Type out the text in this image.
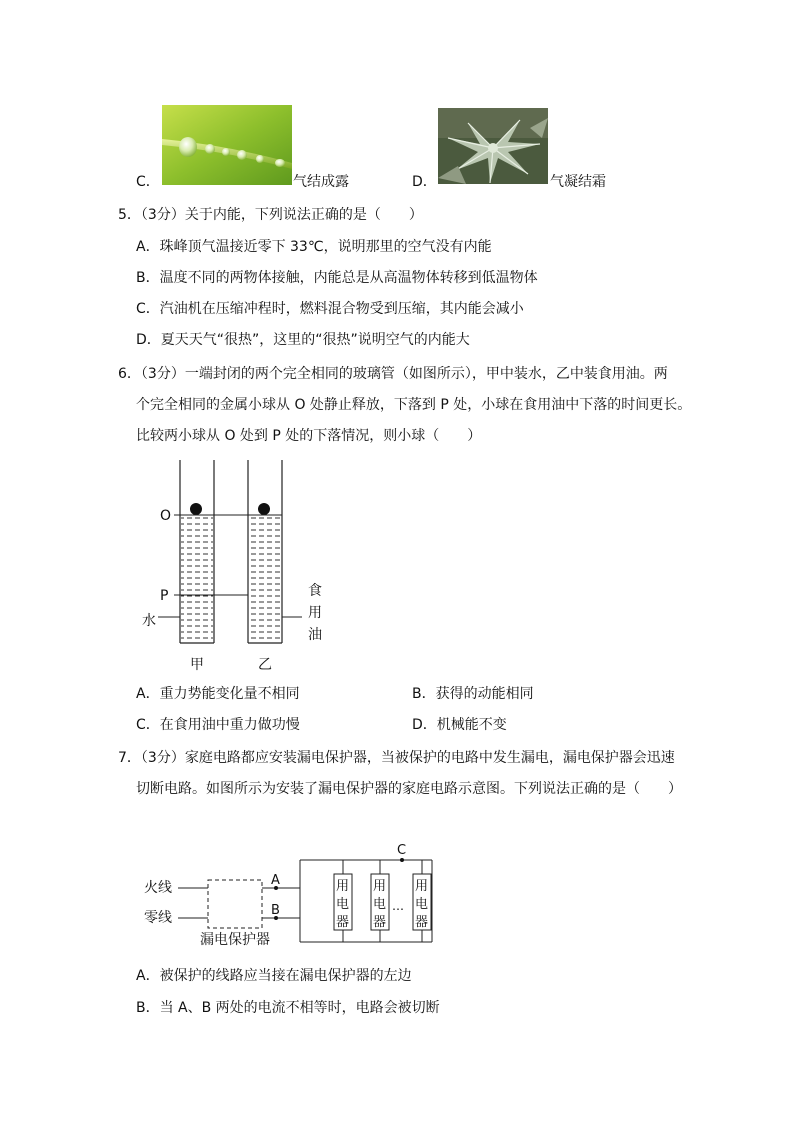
C．	气结成露	D．	气凝结霜
5．（3分）关于内能，下列说法正确的是（　　）
A．珠峰顶气温接近零下 33℃，说明那里的空气没有内能
B．温度不同的两物体接触，内能总是从高温物体转移到低温物体
C．汽油机在压缩冲程时，燃料混合物受到压缩，其内能会减小
D．夏天天气“很热”，这里的“很热”说明空气的内能大
6．（3分）一端封闭的两个完全相同的玻璃管（如图所示），甲中装水，乙中装食用油。两
个完全相同的金属小球从 O 处静止释放，下落到 P 处，小球在食用油中下落的时间更长。
比较两小球从 O 处到 P 处的下落情况，则小球（　　）
O
P
水
食
用
油
甲	乙
A．重力势能变化量不相同	B．获得的动能相同
C．在食用油中重力做功慢	D．机械能不变
7．（3分）家庭电路都应安装漏电保护器，当被保护的电路中发生漏电，漏电保护器会迅速
切断电路。如图所示为安装了漏电保护器的家庭电路示意图。下列说法正确的是（　　）
火线
零线
漏电保护器
A
B
C
用
电
器
用
电
器
…
用
电
器
A．被保护的线路应当接在漏电保护器的左边
B．当 A、B 两处的电流不相等时，电路会被切断
